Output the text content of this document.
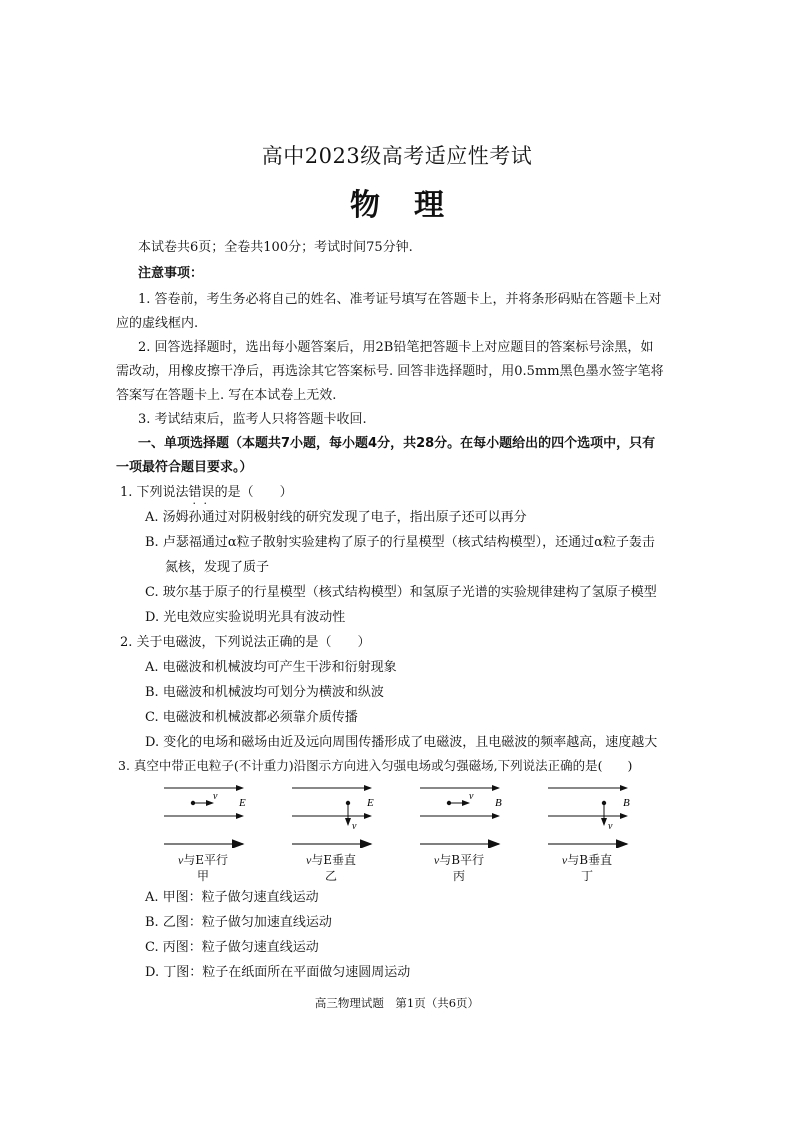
高中2023级高考适应性考试
物理
本试卷共6页；全卷共100分；考试时间75分钟.
注意事项：
1. 答卷前，考生务必将自己的姓名、准考证号填写在答题卡上，并将条形码贴在答题卡上对
应的虚线框内.
2. 回答选择题时，选出每小题答案后，用2B铅笔把答题卡上对应题目的答案标号涂黑，如
需改动，用橡皮擦干净后，再选涂其它答案标号. 回答非选择题时，用0.5mm黑色墨水签字笔将
答案写在答题卡上. 写在本试卷上无效.
3. 考试结束后，监考人只将答题卡收回.
一、单项选择题（本题共7小题，每小题4分，共28分。在每小题给出的四个选项中，只有
一项最符合题目要求。）
1. 下列说法错误 · ·的是（　　）
A. 汤姆孙通过对阴极射线的研究发现了电子，指出原子还可以再分
B. 卢瑟福通过α粒子散射实验建构了原子的行星模型（核式结构模型），还通过α粒子轰击
氮核，发现了质子
C. 玻尔基于原子的行星模型（核式结构模型）和氢原子光谱的实验规律建构了氢原子模型
D. 光电效应实验说明光具有波动性
2. 关于电磁波，下列说法正确的是（　　）
A. 电磁波和机械波均可产生干涉和衍射现象
B. 电磁波和机械波均可划分为横波和纵波
C. 电磁波和机械波都必须靠介质传播
D. 变化的电场和磁场由近及远向周围传播形成了电磁波，且电磁波的频率越高，速度越大
3. 真空中带正电粒子(不计重力)沿图示方向进入匀强电场或匀强磁场,下列说法正确的是(　　)
E
v
v与E平行
甲
E
v
v与E垂直
乙
B
v
v与B平行
丙
B
v
v与B垂直
丁
A. 甲图：粒子做匀速直线运动
B. 乙图：粒子做匀加速直线运动
C. 丙图：粒子做匀速直线运动
D. 丁图：粒子在纸面所在平面做匀速圆周运动
高三物理试题　第1页（共6页）
